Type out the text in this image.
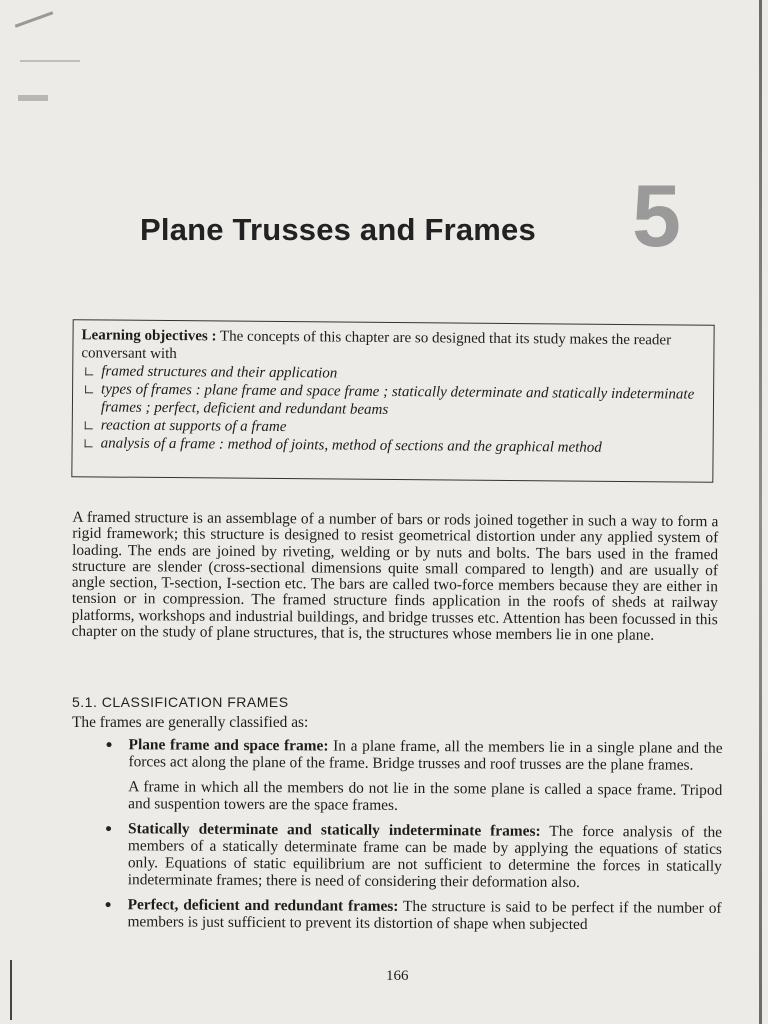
Plane Trusses and Frames 5
Learning objectives : The concepts of this chapter are so designed that its study makes the reader conversant with
framed structures and their application
types of frames : plane frame and space frame ; statically determinate and statically indeterminate frames ; perfect, deficient and redundant beams
reaction at supports of a frame
analysis of a frame : method of joints, method of sections and the graphical method

A framed structure is an assemblage of a number of bars or rods joined together in such a way to form a rigid framework; this structure is designed to resist geometrical distortion under any applied system of loading. The ends are joined by riveting, welding or by nuts and bolts. The bars used in the framed structure are slender (cross-sectional dimensions quite small compared to length) and are usually of angle section, T-section, I-section etc. The bars are called two-force members because they are either in tension or in compression. The framed structure finds application in the roofs of sheds at railway platforms, workshops and industrial buildings, and bridge trusses etc. Attention has been focussed in this chapter on the study of plane structures, that is, the structures whose members lie in one plane.

5.1. CLASSIFICATION FRAMES
The frames are generally classified as:
Plane frame and space frame: In a plane frame, all the members lie in a single plane and the forces act along the plane of the frame. Bridge trusses and roof trusses are the plane frames.
A frame in which all the members do not lie in the some plane is called a space frame. Tripod and suspention towers are the space frames.
Statically determinate and statically indeterminate frames: The force analysis of the members of a statically determinate frame can be made by applying the equations of statics only. Equations of static equilibrium are not sufficient to determine the forces in statically indeterminate frames; there is need of considering their deformation also.
Perfect, deficient and redundant frames: The structure is said to be perfect if the number of members is just sufficient to prevent its distortion of shape when subjected
166
